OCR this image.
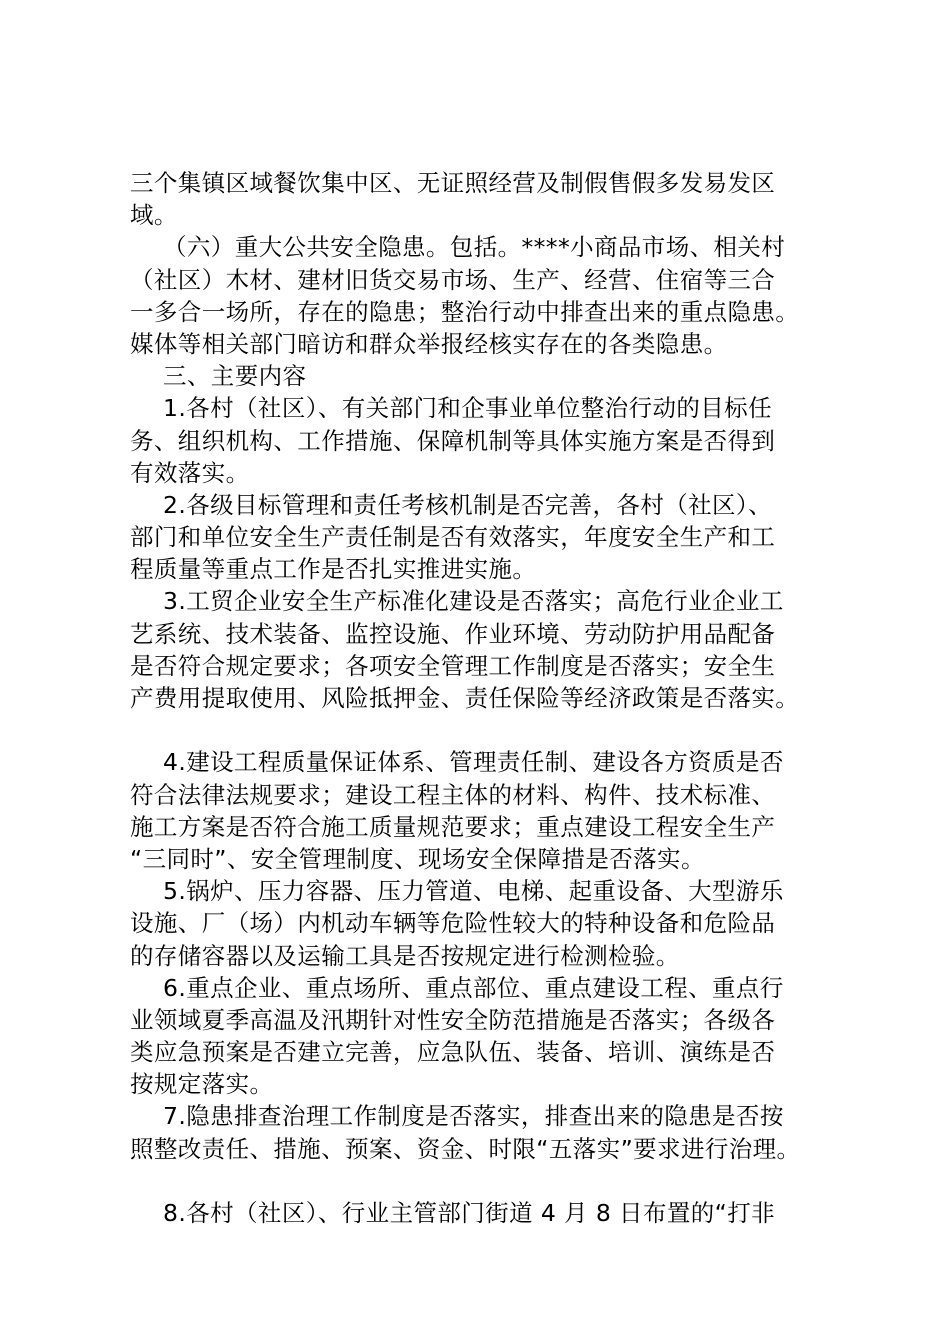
三个集镇区域餐饮集中区、无证照经营及制假售假多发易发区
域。
（六）重大公共安全隐患。包括。****小商品市场、相关村
（社区）木材、建材旧货交易市场、生产、经营、住宿等三合
一多合一场所，存在的隐患；整治行动中排查出来的重点隐患。
媒体等相关部门暗访和群众举报经核实存在的各类隐患。
三、主要内容
1.各村（社区）、有关部门和企事业单位整治行动的目标任
务、组织机构、工作措施、保障机制等具体实施方案是否得到
有效落实。
2.各级目标管理和责任考核机制是否完善，各村（社区）、
部门和单位安全生产责任制是否有效落实，年度安全生产和工
程质量等重点工作是否扎实推进实施。
3.工贸企业安全生产标准化建设是否落实；高危行业企业工
艺系统、技术装备、监控设施、作业环境、劳动防护用品配备
是否符合规定要求；各项安全管理工作制度是否落实；安全生
产费用提取使用、风险抵押金、责任保险等经济政策是否落实。
4.建设工程质量保证体系、管理责任制、建设各方资质是否
符合法律法规要求；建设工程主体的材料、构件、技术标准、
施工方案是否符合施工质量规范要求；重点建设工程安全生产
“三同时”、安全管理制度、现场安全保障措是否落实。
5.锅炉、压力容器、压力管道、电梯、起重设备、大型游乐
设施、厂（场）内机动车辆等危险性较大的特种设备和危险品
的存储容器以及运输工具是否按规定进行检测检验。
6.重点企业、重点场所、重点部位、重点建设工程、重点行
业领域夏季高温及汛期针对性安全防范措施是否落实；各级各
类应急预案是否建立完善，应急队伍、装备、培训、演练是否
按规定落实。
7.隐患排查治理工作制度是否落实，排查出来的隐患是否按
照整改责任、措施、预案、资金、时限“五落实”要求进行治理。
8.各村（社区）、行业主管部门街道 4 月 8 日布置的“打非
